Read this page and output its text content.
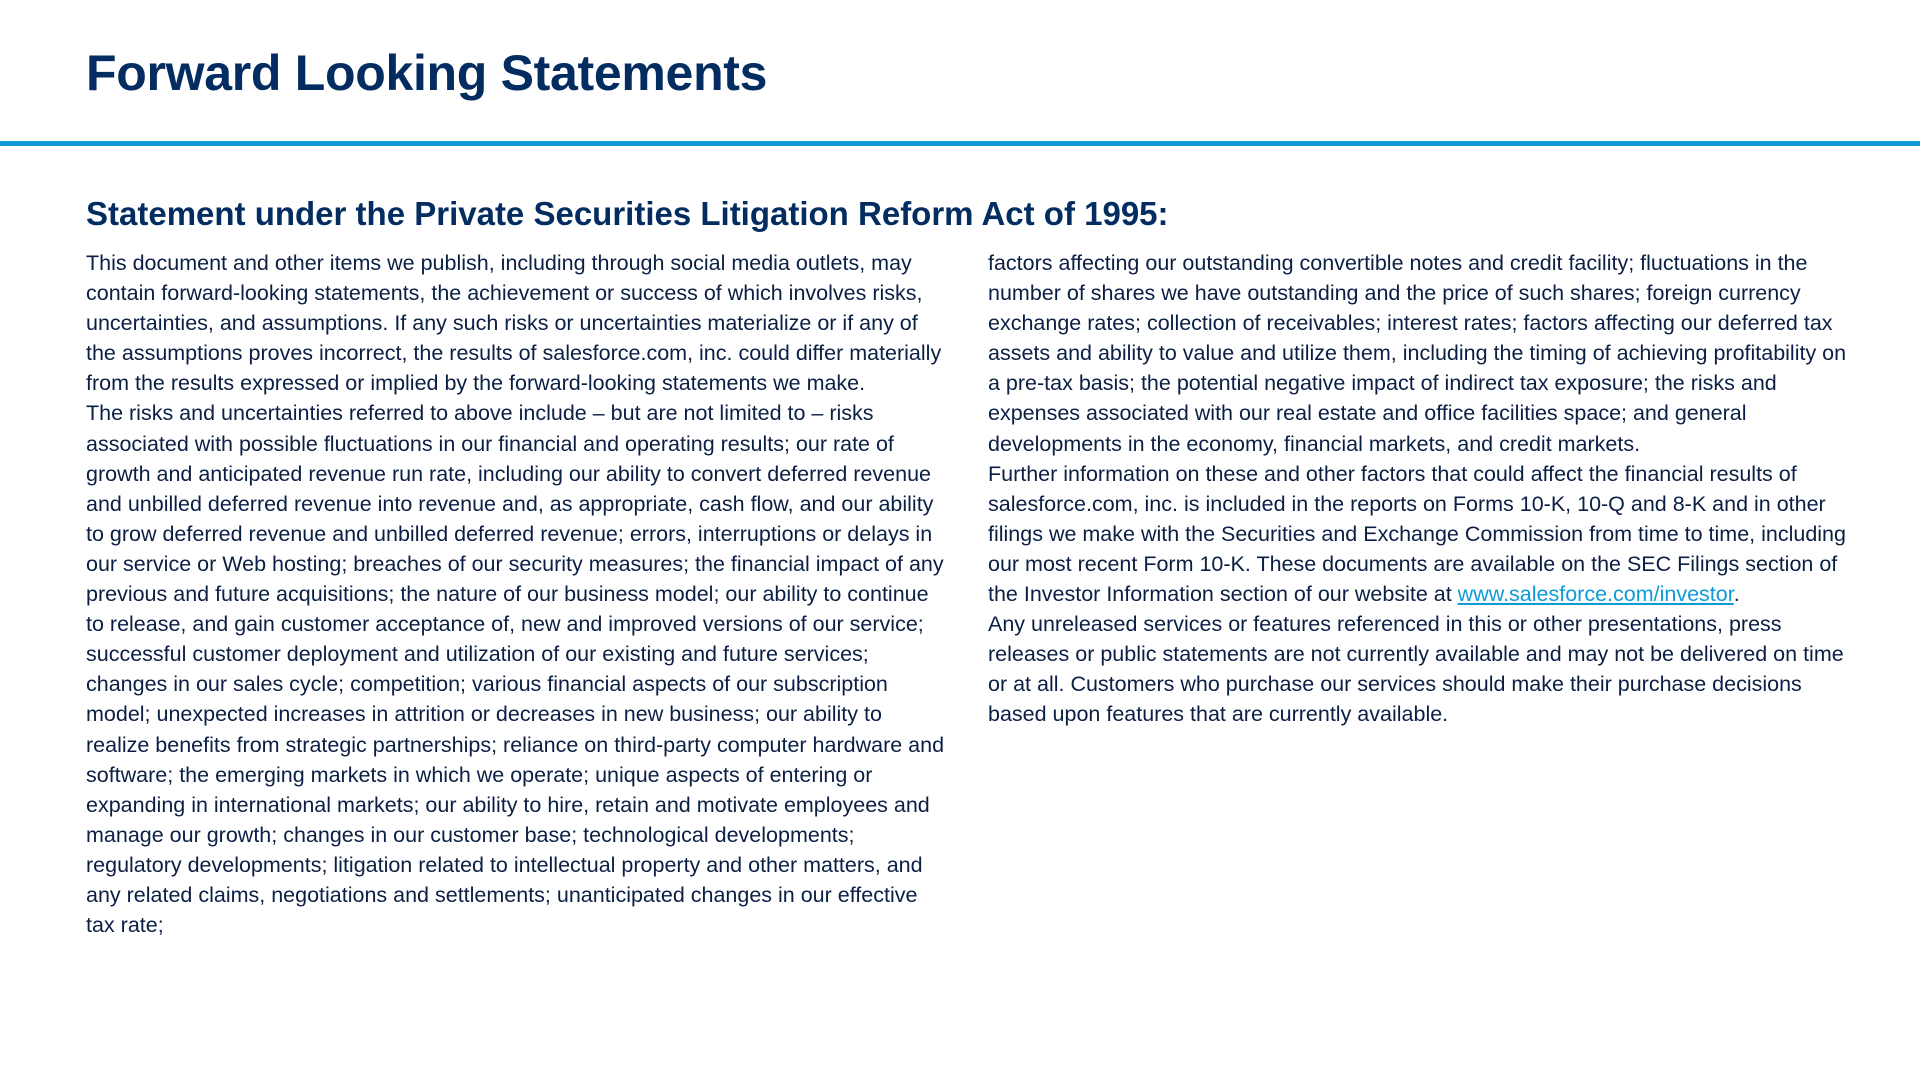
Forward Looking Statements
Statement under the Private Securities Litigation Reform Act of 1995:

This document and other items we publish, including through social media outlets, may contain forward-looking statements, the achievement or success of which involves risks, uncertainties, and assumptions. If any such risks or uncertainties materialize or if any of the assumptions proves incorrect, the results of salesforce.com, inc. could differ materially from the results expressed or implied by the forward-looking statements we make.

The risks and uncertainties referred to above include – but are not limited to – risks associated with possible fluctuations in our financial and operating results; our rate of growth and anticipated revenue run rate, including our ability to convert deferred revenue and unbilled deferred revenue into revenue and, as appropriate, cash flow, and our ability to grow deferred revenue and unbilled deferred revenue; errors, interruptions or delays in our service or Web hosting; breaches of our security measures; the financial impact of any previous and future acquisitions; the nature of our business model; our ability to continue to release, and gain customer acceptance of, new and improved versions of our service; successful customer deployment and utilization of our existing and future services; changes in our sales cycle; competition; various financial aspects of our subscription model; unexpected increases in attrition or decreases in new business; our ability to realize benefits from strategic partnerships; reliance on third-party computer hardware and software; the emerging markets in which we operate; unique aspects of entering or expanding in international markets; our ability to hire, retain and motivate employees and manage our growth; changes in our customer base; technological developments; regulatory developments; litigation related to intellectual property and other matters, and any related claims, negotiations and settlements; unanticipated changes in our effective tax rate;

factors affecting our outstanding convertible notes and credit facility; fluctuations in the number of shares we have outstanding and the price of such shares; foreign currency exchange rates; collection of receivables; interest rates; factors affecting our deferred tax assets and ability to value and utilize them, including the timing of achieving profitability on a pre-tax basis; the potential negative impact of indirect tax exposure; the risks and expenses associated with our real estate and office facilities space; and general developments in the economy, financial markets, and credit markets.

Further information on these and other factors that could affect the financial results of salesforce.com, inc. is included in the reports on Forms 10-K, 10-Q and 8-K and in other filings we make with the Securities and Exchange Commission from time to time, including our most recent Form 10-K. These documents are available on the SEC Filings section of the Investor Information section of our website at www.salesforce.com/investor.

Any unreleased services or features referenced in this or other presentations, press releases or public statements are not currently available and may not be delivered on time or at all. Customers who purchase our services should make their purchase decisions based upon features that are currently available.
